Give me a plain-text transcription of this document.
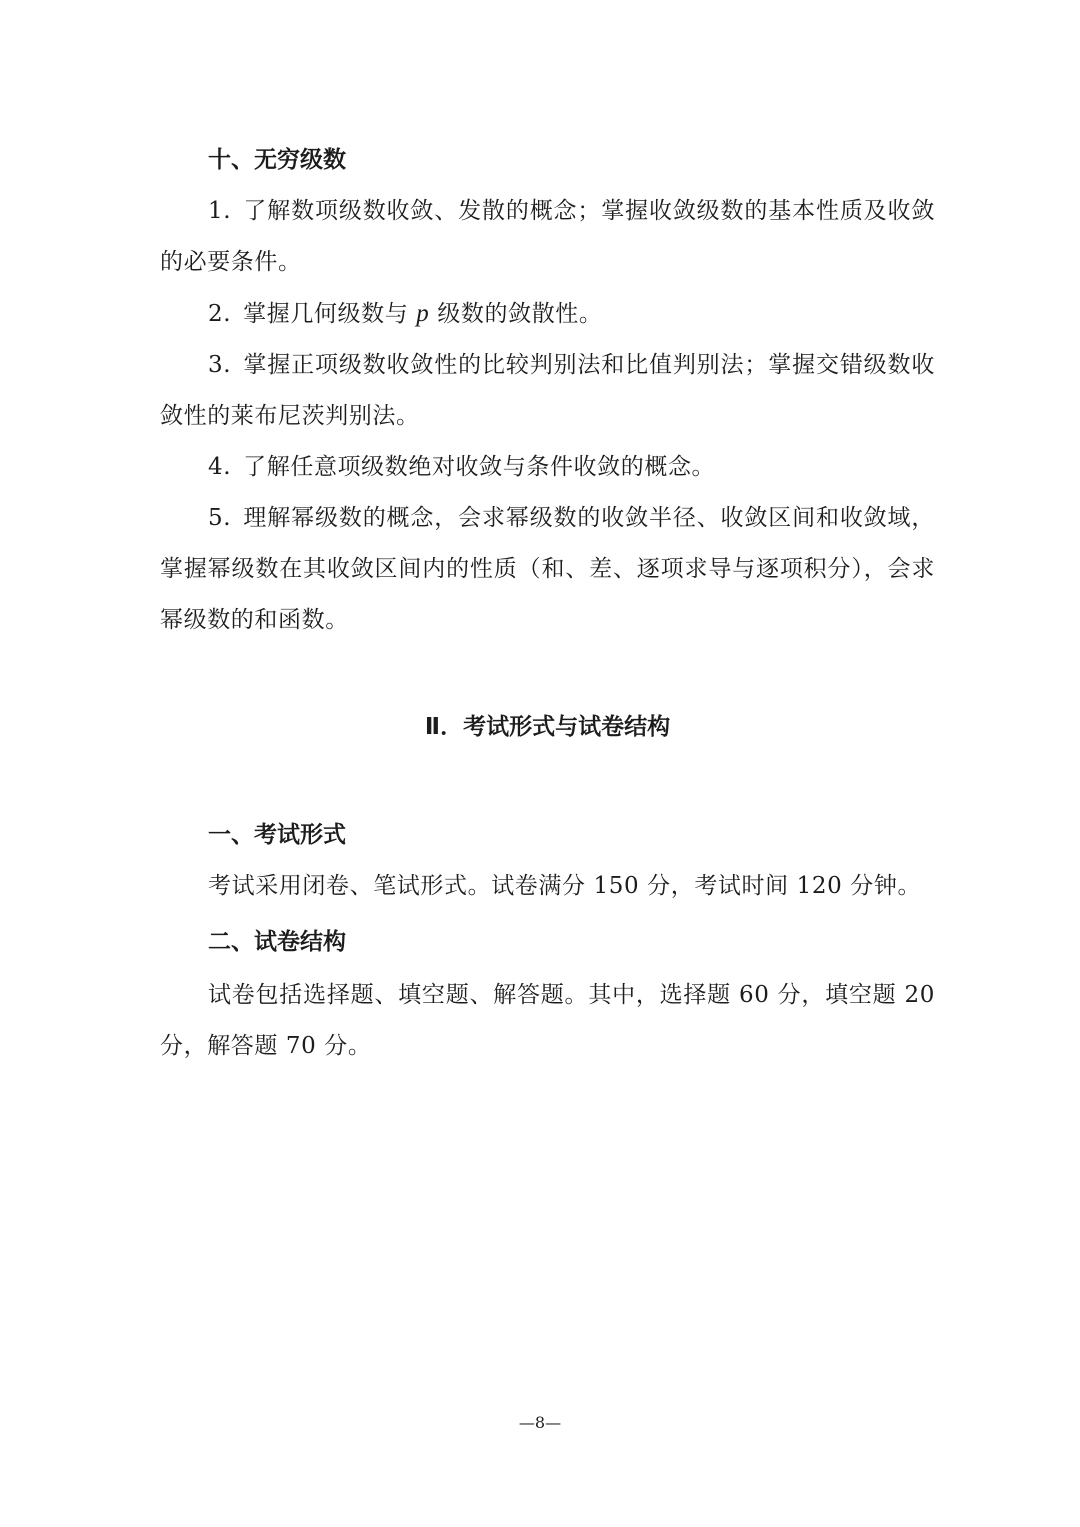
十、无穷级数

1. 了解数项级数收敛、发散的概念；掌握收敛级数的基本性质及收敛的必要条件。

2. 掌握几何级数与 p 级数的敛散性。

3. 掌握正项级数收敛性的比较判别法和比值判别法；掌握交错级数收敛性的莱布尼茨判别法。

4. 了解任意项级数绝对收敛与条件收敛的概念。

5. 理解幂级数的概念，会求幂级数的收敛半径、收敛区间和收敛域，掌握幂级数在其收敛区间内的性质（和、差、逐项求导与逐项积分），会求幂级数的和函数。

Ⅱ．考试形式与试卷结构
一、考试形式

考试采用闭卷、笔试形式。试卷满分 150 分，考试时间 120 分钟。

二、试卷结构

试卷包括选择题、填空题、解答题。其中，选择题 60 分，填空题 20 分，解答题 70 分。

—8—
